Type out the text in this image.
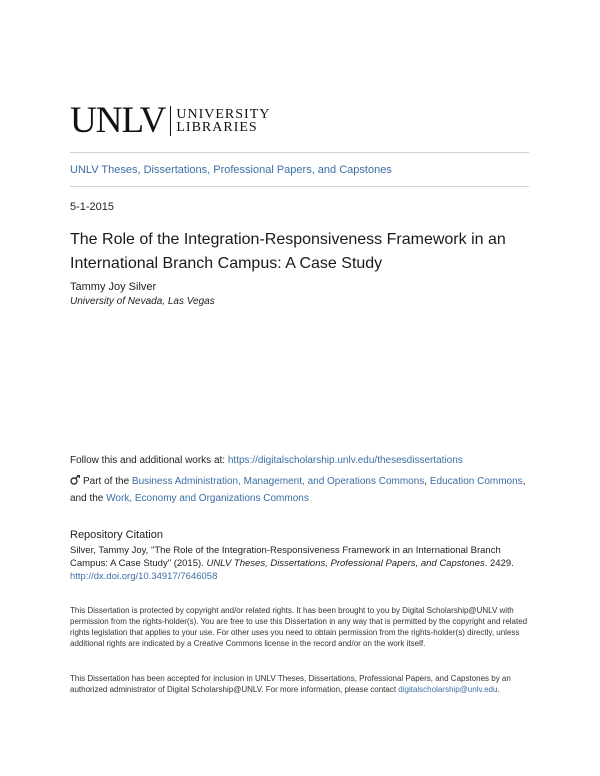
UNLV UNIVERSITY
LIBRARIES
UNLV Theses, Dissertations, Professional Papers, and Capstones
5-1-2015
The Role of the Integration-Responsiveness Framework in an International Branch Campus: A Case Study
Tammy Joy Silver
University of Nevada, Las Vegas
Follow this and additional works at: https://digitalscholarship.unlv.edu/thesesdissertations
Part of the Business Administration, Management, and Operations Commons, Education Commons, and the Work, Economy and Organizations Commons
Repository Citation
Silver, Tammy Joy, "The Role of the Integration-Responsiveness Framework in an International Branch Campus: A Case Study" (2015). UNLV Theses, Dissertations, Professional Papers, and Capstones. 2429.
http://dx.doi.org/10.34917/7646058
This Dissertation is protected by copyright and/or related rights. It has been brought to you by Digital Scholarship@UNLV with permission from the rights-holder(s). You are free to use this Dissertation in any way that is permitted by the copyright and related rights legislation that applies to your use. For other uses you need to obtain permission from the rights-holder(s) directly, unless additional rights are indicated by a Creative Commons license in the record and/or on the work itself.
This Dissertation has been accepted for inclusion in UNLV Theses, Dissertations, Professional Papers, and Capstones by an authorized administrator of Digital Scholarship@UNLV. For more information, please contact digitalscholarship@unlv.edu.
